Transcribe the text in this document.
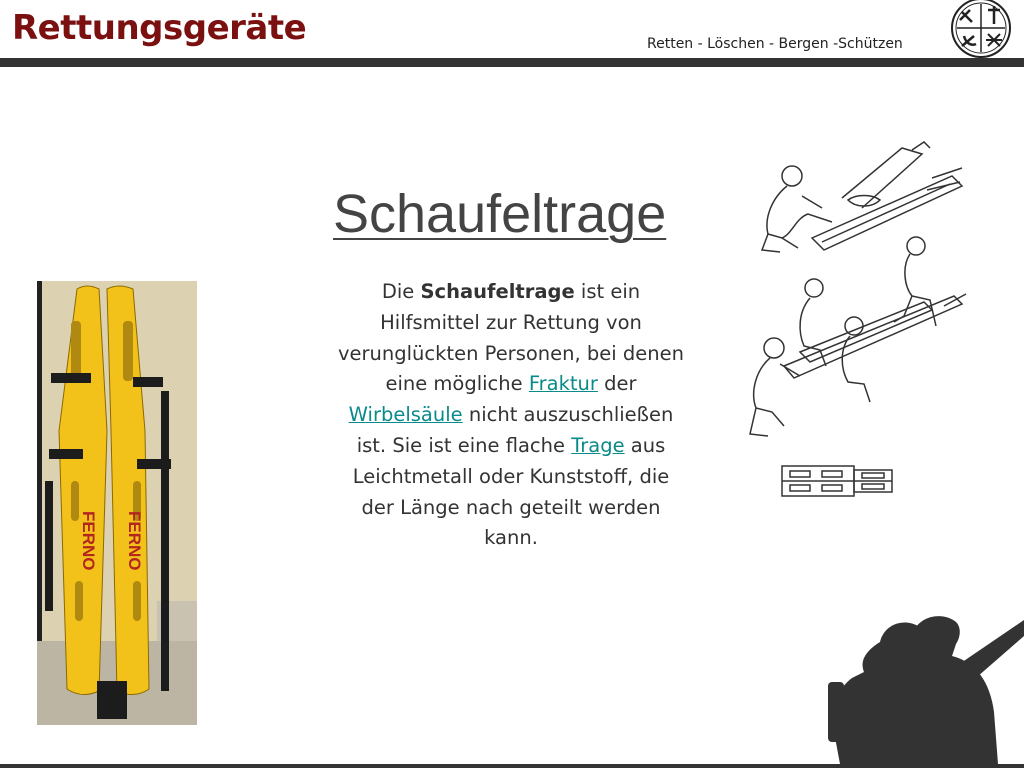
Rettungsgeräte	Retten - Löschen - Bergen -Schützen
Schaufeltrage

Die Schaufeltrage ist ein Hilfsmittel zur Rettung von verunglückten Personen, bei denen eine mögliche Fraktur der Wirbelsäule nicht auszuschließen ist. Sie ist eine flache Trage aus Leichtmetall oder Kunststoff, die der Länge nach geteilt werden kann.

FERNO FERNO
